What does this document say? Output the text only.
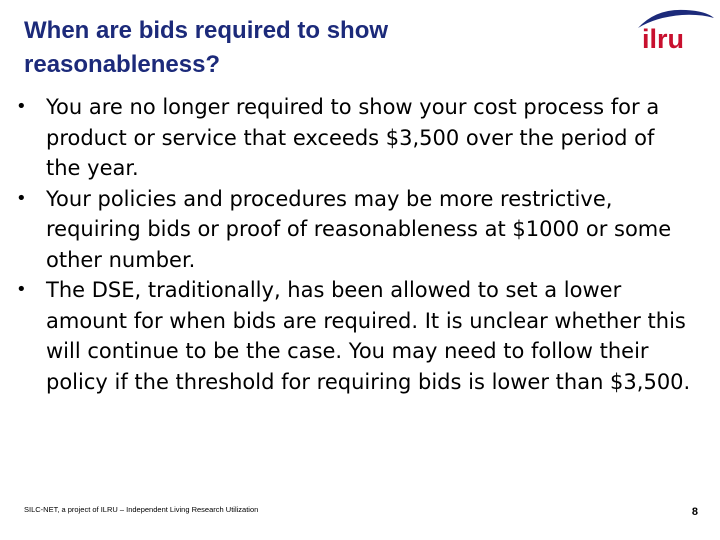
When are bids required to show reasonableness?
ilru
• You are no longer required to show your cost process for a product or service that exceeds $3,500 over the period of the year.
• Your policies and procedures may be more restrictive, requiring bids or proof of reasonableness at $1000 or some other number.
• The DSE, traditionally, has been allowed to set a lower amount for when bids are required. It is unclear whether this will continue to be the case. You may need to follow their policy if the threshold for requiring bids is lower than $3,500.
SILC-NET, a project of ILRU – Independent Living Research Utilization	8
